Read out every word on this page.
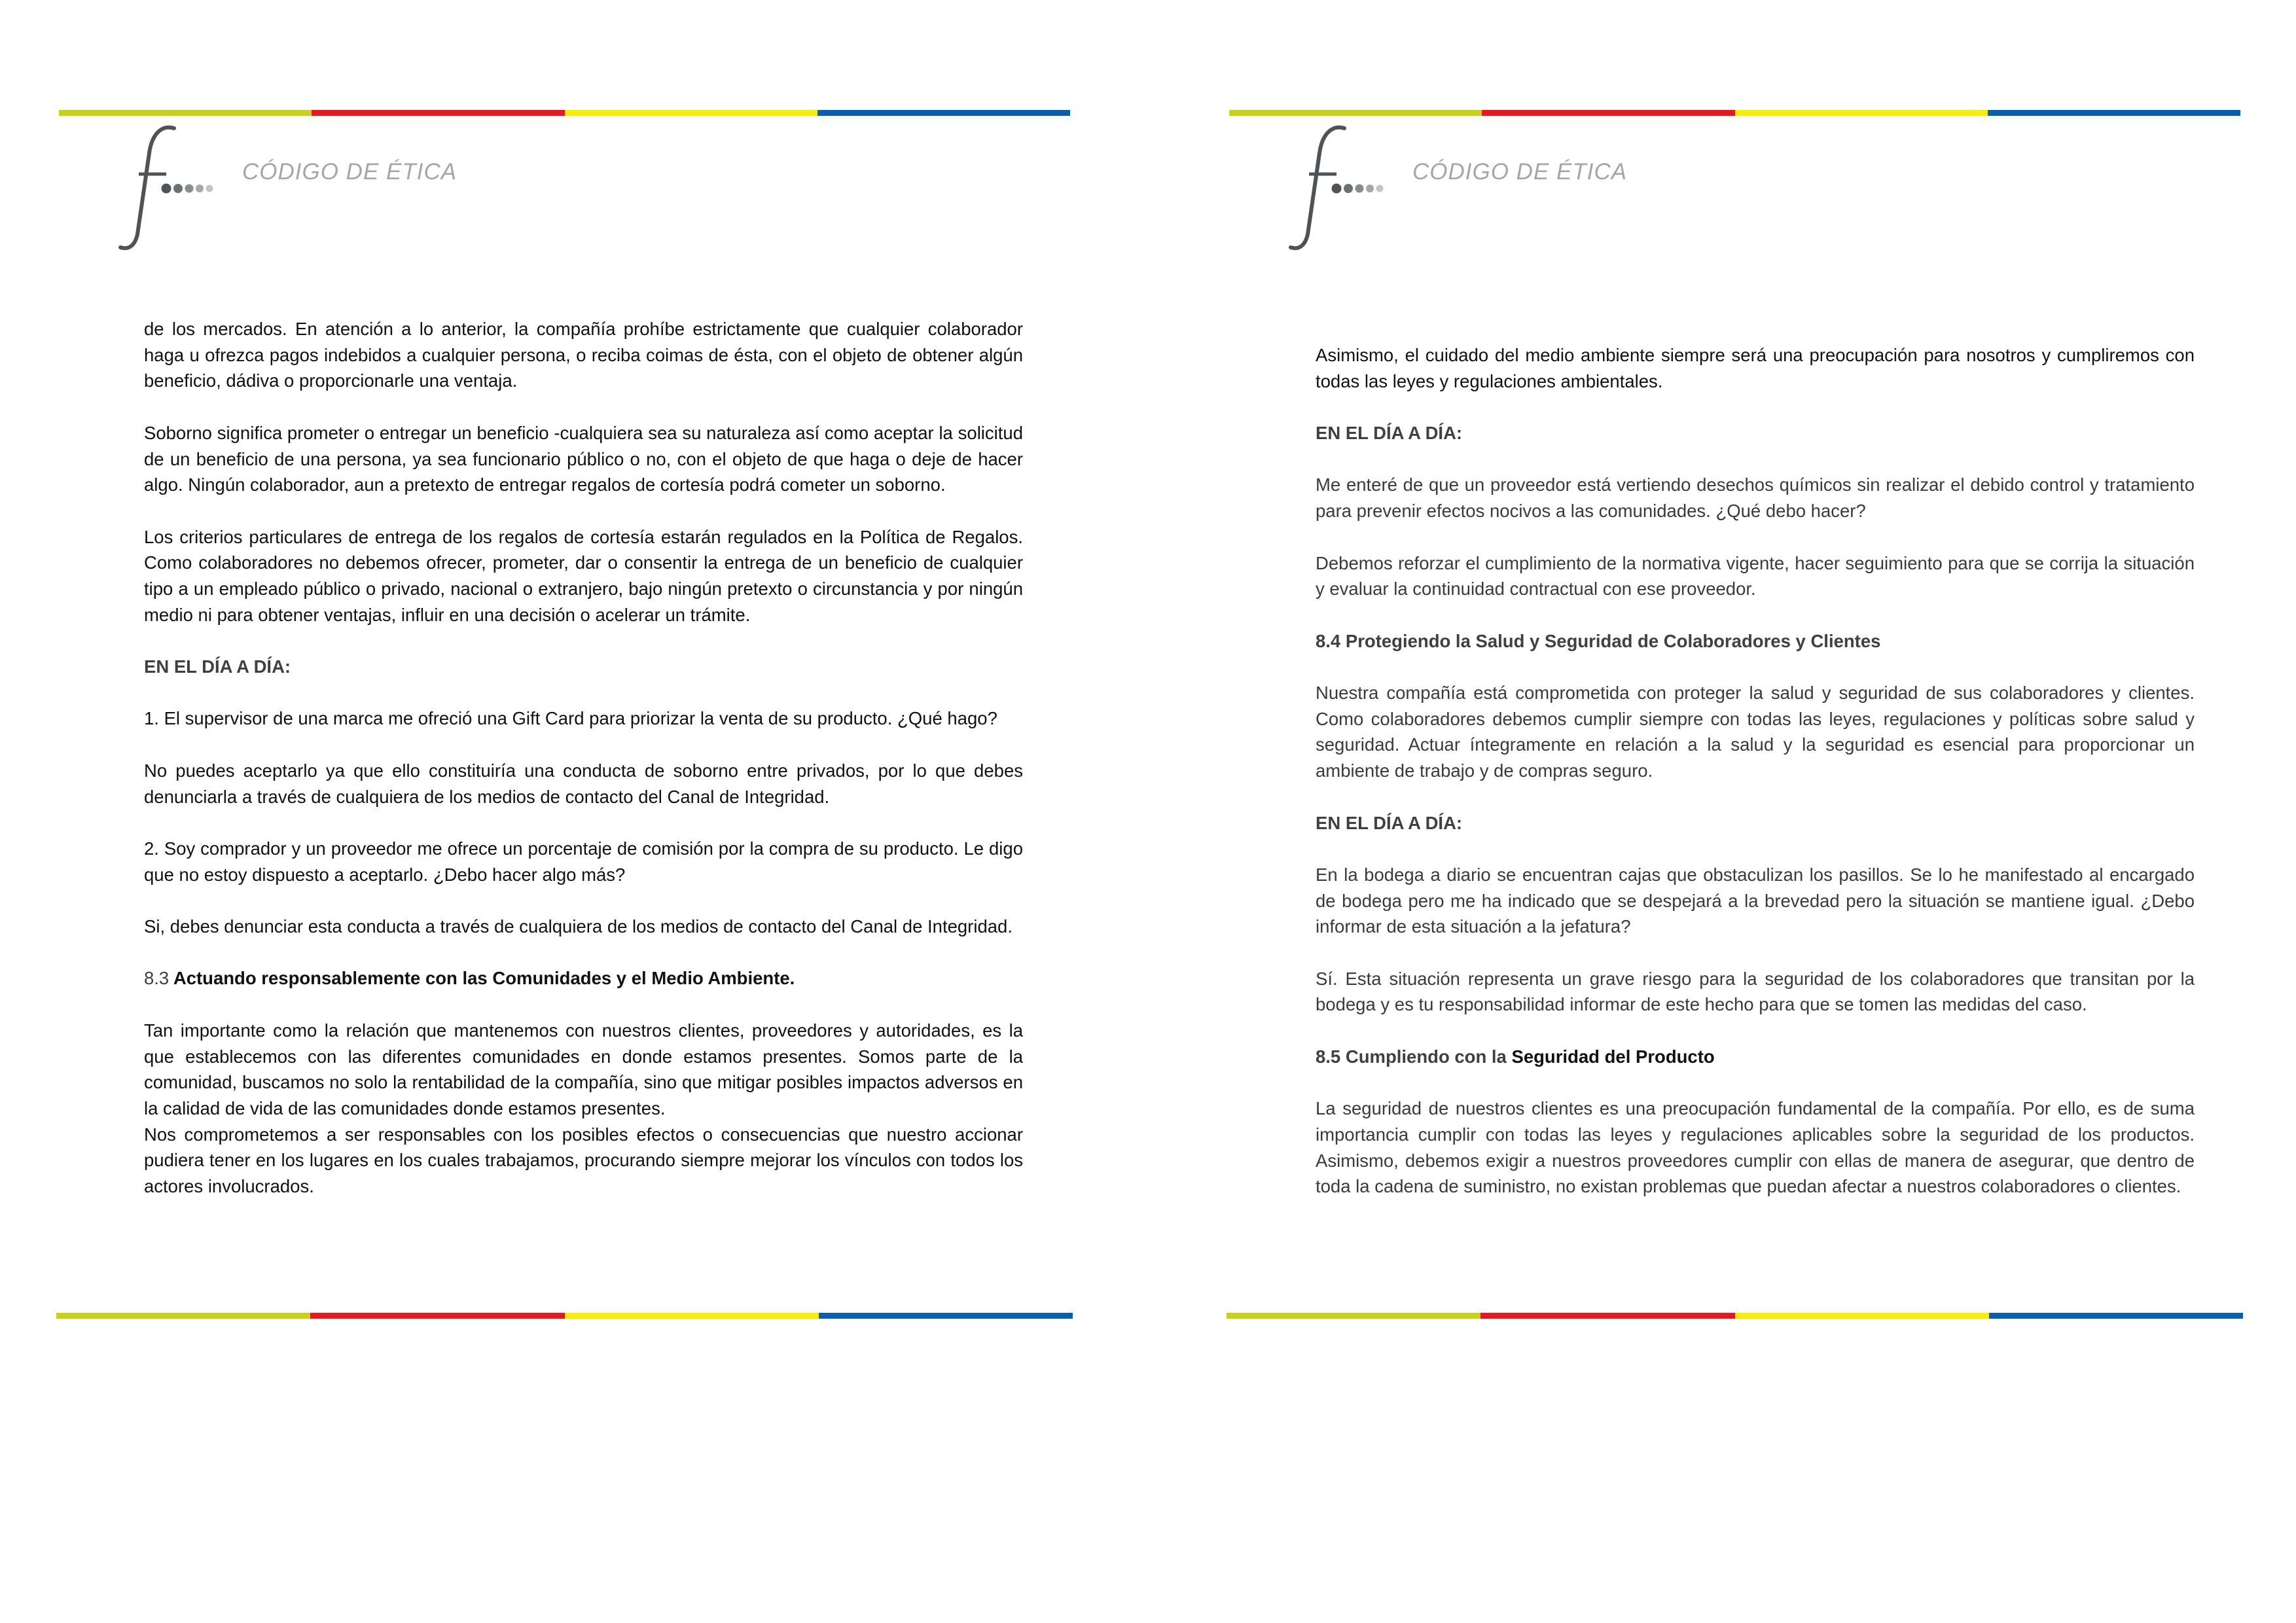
CÓDIGO DE ÉTICA

de los mercados. En atención a lo anterior, la compañía prohíbe estrictamente que cualquier colaborador haga u ofrezca pagos indebidos a cualquier persona, o reciba coimas de ésta, con el objeto de obtener algún beneficio, dádiva o proporcionarle una ventaja.

Soborno significa prometer o entregar un beneficio -cualquiera sea su naturaleza así como aceptar la solicitud de un beneficio de una persona, ya sea funcionario público o no, con el objeto de que haga o deje de hacer algo. Ningún colaborador, aun a pretexto de entregar regalos de cortesía podrá cometer un soborno.

Los criterios particulares de entrega de los regalos de cortesía estarán regulados en la Política de Regalos. Como colaboradores no debemos ofrecer, prometer, dar o consentir la entrega de un beneficio de cualquier tipo a un empleado público o privado, nacional o extranjero, bajo ningún pretexto o circunstancia y por ningún medio ni para obtener ventajas, influir en una decisión o acelerar un trámite.

EN EL DÍA A DÍA:

1. El supervisor de una marca me ofreció una Gift Card para priorizar la venta de su producto. ¿Qué hago?

No puedes aceptarlo ya que ello constituiría una conducta de soborno entre privados, por lo que debes denunciarla a través de cualquiera de los medios de contacto del Canal de Integridad.

2. Soy comprador y un proveedor me ofrece un porcentaje de comisión por la compra de su producto. Le digo que no estoy dispuesto a aceptarlo. ¿Debo hacer algo más?

Si, debes denunciar esta conducta a través de cualquiera de los medios de contacto del Canal de Integridad.

8.3 Actuando responsablemente con las Comunidades y el Medio Ambiente.

Tan importante como la relación que mantenemos con nuestros clientes, proveedores y autoridades, es la que establecemos con las diferentes comunidades en donde estamos presentes. Somos parte de la comunidad, buscamos no solo la rentabilidad de la compañía, sino que mitigar posibles impactos adversos en la calidad de vida de las comunidades donde estamos presentes.

Nos comprometemos a ser responsables con los posibles efectos o consecuencias que nuestro accionar pudiera tener en los lugares en los cuales trabajamos, procurando siempre mejorar los vínculos con todos los actores involucrados.

CÓDIGO DE ÉTICA

Asimismo, el cuidado del medio ambiente siempre será una preocupación para nosotros y cumpliremos con todas las leyes y regulaciones ambientales.

EN EL DÍA A DÍA:

Me enteré de que un proveedor está vertiendo desechos químicos sin realizar el debido control y tratamiento para prevenir efectos nocivos a las comunidades. ¿Qué debo hacer?

Debemos reforzar el cumplimiento de la normativa vigente, hacer seguimiento para que se corrija la situación y evaluar la continuidad contractual con ese proveedor.

8.4 Protegiendo la Salud y Seguridad de Colaboradores y Clientes

Nuestra compañía está comprometida con proteger la salud y seguridad de sus colaboradores y clientes. Como colaboradores debemos cumplir siempre con todas las leyes, regulaciones y políticas sobre salud y seguridad. Actuar íntegramente en relación a la salud y la seguridad es esencial para proporcionar un ambiente de trabajo y de compras seguro.

EN EL DÍA A DÍA:

En la bodega a diario se encuentran cajas que obstaculizan los pasillos. Se lo he manifestado al encargado de bodega pero me ha indicado que se despejará a la brevedad pero la situación se mantiene igual. ¿Debo informar de esta situación a la jefatura?

Sí. Esta situación representa un grave riesgo para la seguridad de los colaboradores que transitan por la bodega y es tu responsabilidad informar de este hecho para que se tomen las medidas del caso.

8.5 Cumpliendo con la Seguridad del Producto

La seguridad de nuestros clientes es una preocupación fundamental de la compañía. Por ello, es de suma importancia cumplir con todas las leyes y regulaciones aplicables sobre la seguridad de los productos. Asimismo, debemos exigir a nuestros proveedores cumplir con ellas de manera de asegurar, que dentro de toda la cadena de suministro, no existan problemas que puedan afectar a nuestros colaboradores o clientes.
